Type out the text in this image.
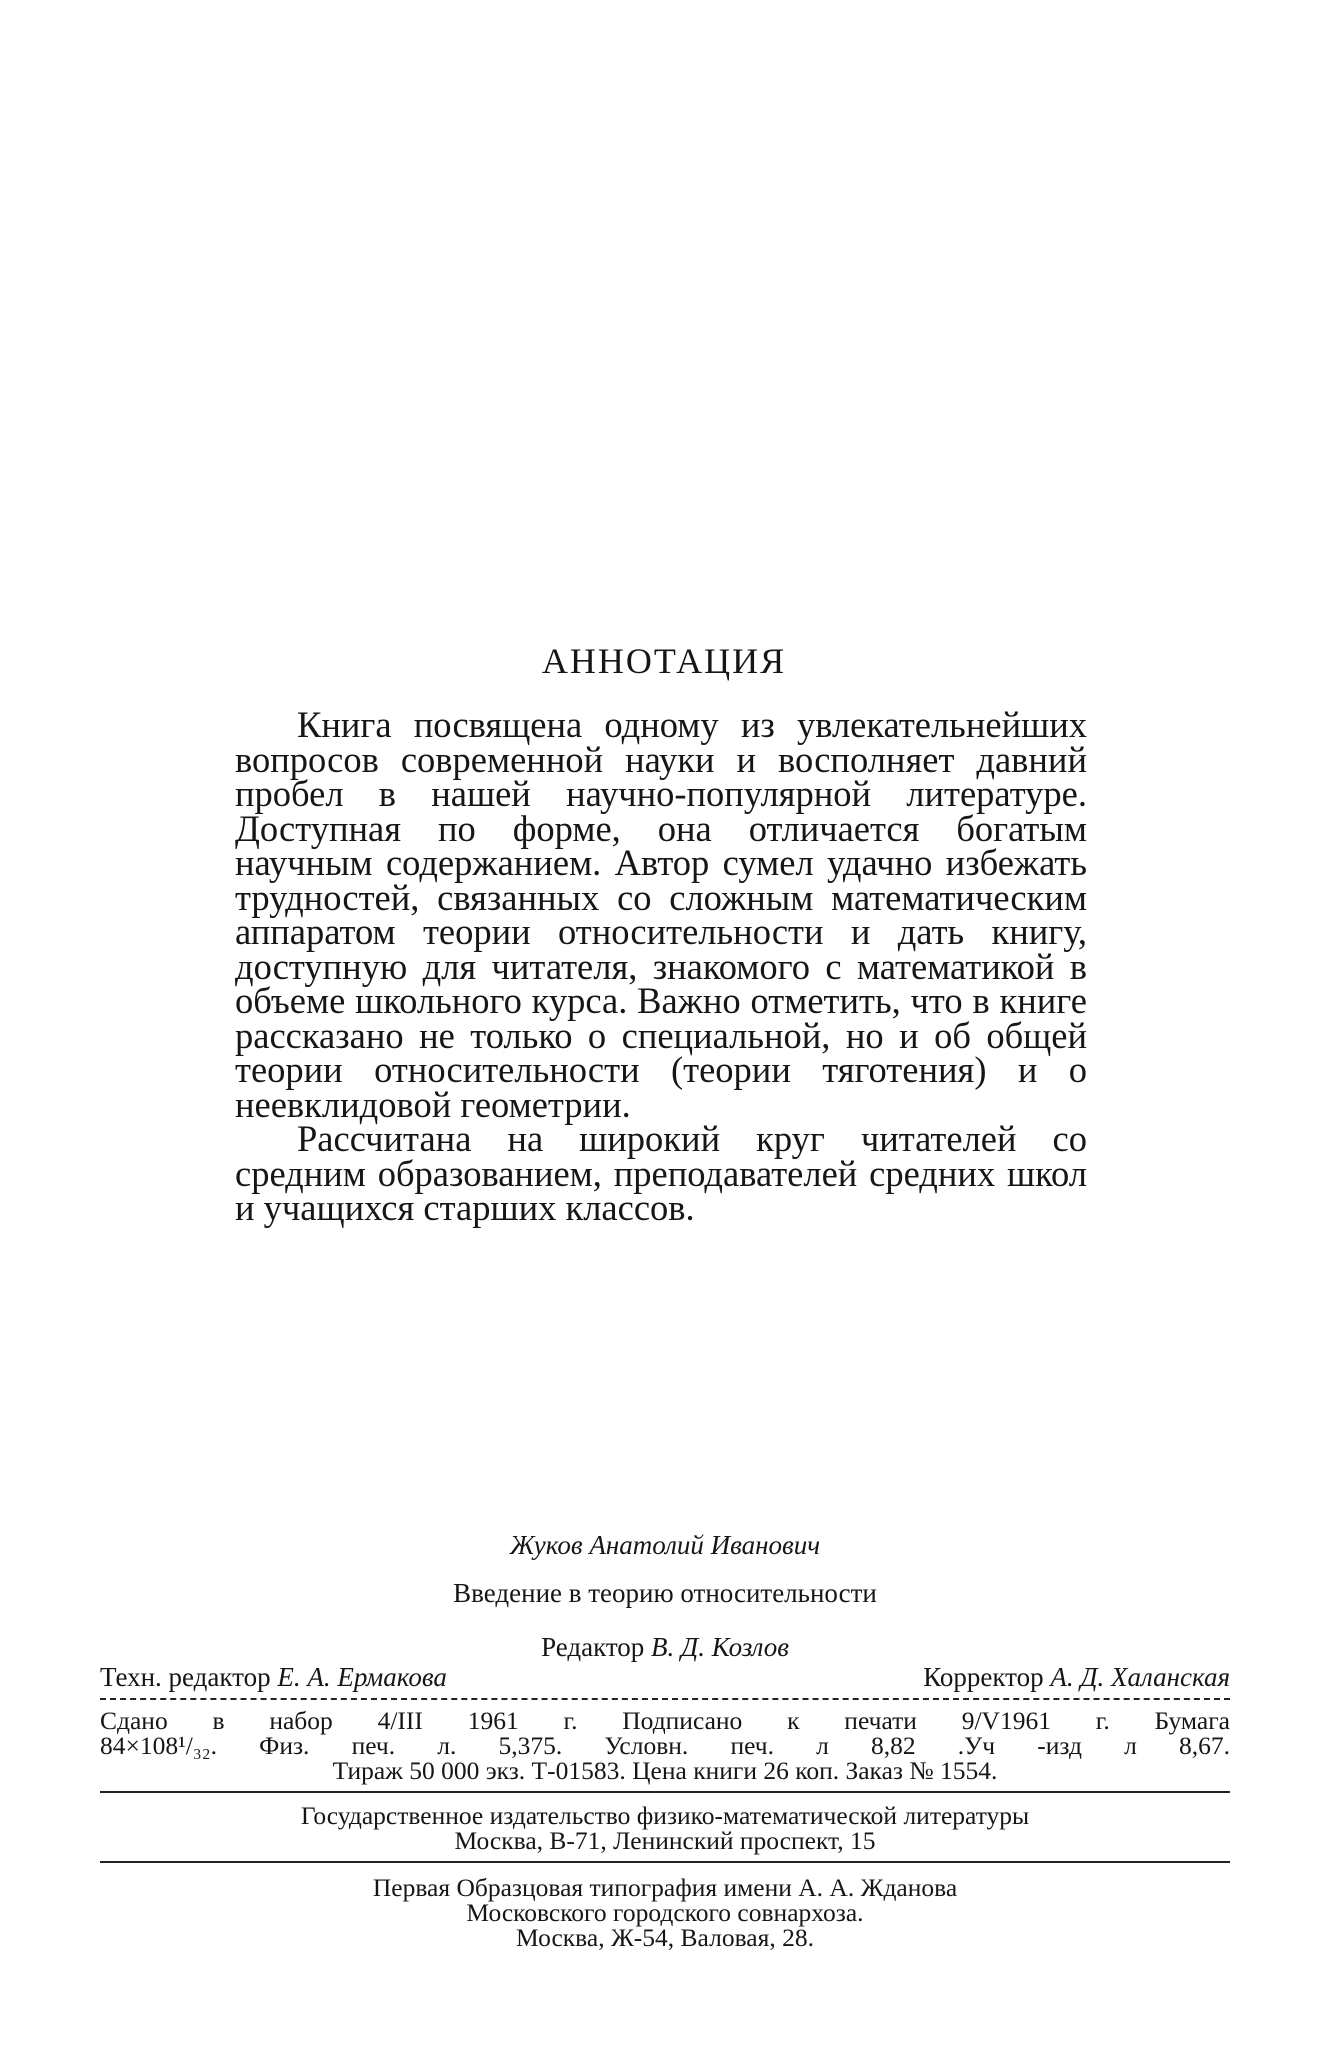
АННОТАЦИЯ

Книга посвящена одному из увлекательнейших вопросов современной науки и восполняет давний пробел в нашей научно-популярной литературе. Доступная по форме, она отличается богатым научным содержанием. Автор сумел удачно избежать трудностей, связанных со сложным математическим аппаратом теории относительности и дать книгу, доступную для читателя, знакомого с математикой в объеме школьного курса. Важно отметить, что в книге рассказано не только о специальной, но и об общей теории относительности (теории тяготения) и о неевклидовой геометрии.

Рассчитана на широкий круг читателей со средним образованием, преподавателей средних школ и учащихся старших классов.

Жуков Анатолий Иванович
Введение в теорию относительности
Редактор В. Д. Козлов
Техн. редактор Е. А. Ермакова	Корректор А. Д. Халанская
Сдано в набор 4/III 1961 г. Подписано к печати 9/V1961 г. Бумага
84×108¹/₃₂. Физ. печ. л. 5,375. Условн. печ. л 8,82 .Уч -изд л 8,67.
Тираж 50 000 экз. Т-01583. Цена книги 26 коп. Заказ № 1554.
Государственное издательство физико-математической литературы
Москва, В-71, Ленинский проспект, 15
Первая Образцовая типография имени А. А. Жданова
Московского городского совнархоза.
Москва, Ж-54, Валовая, 28.
